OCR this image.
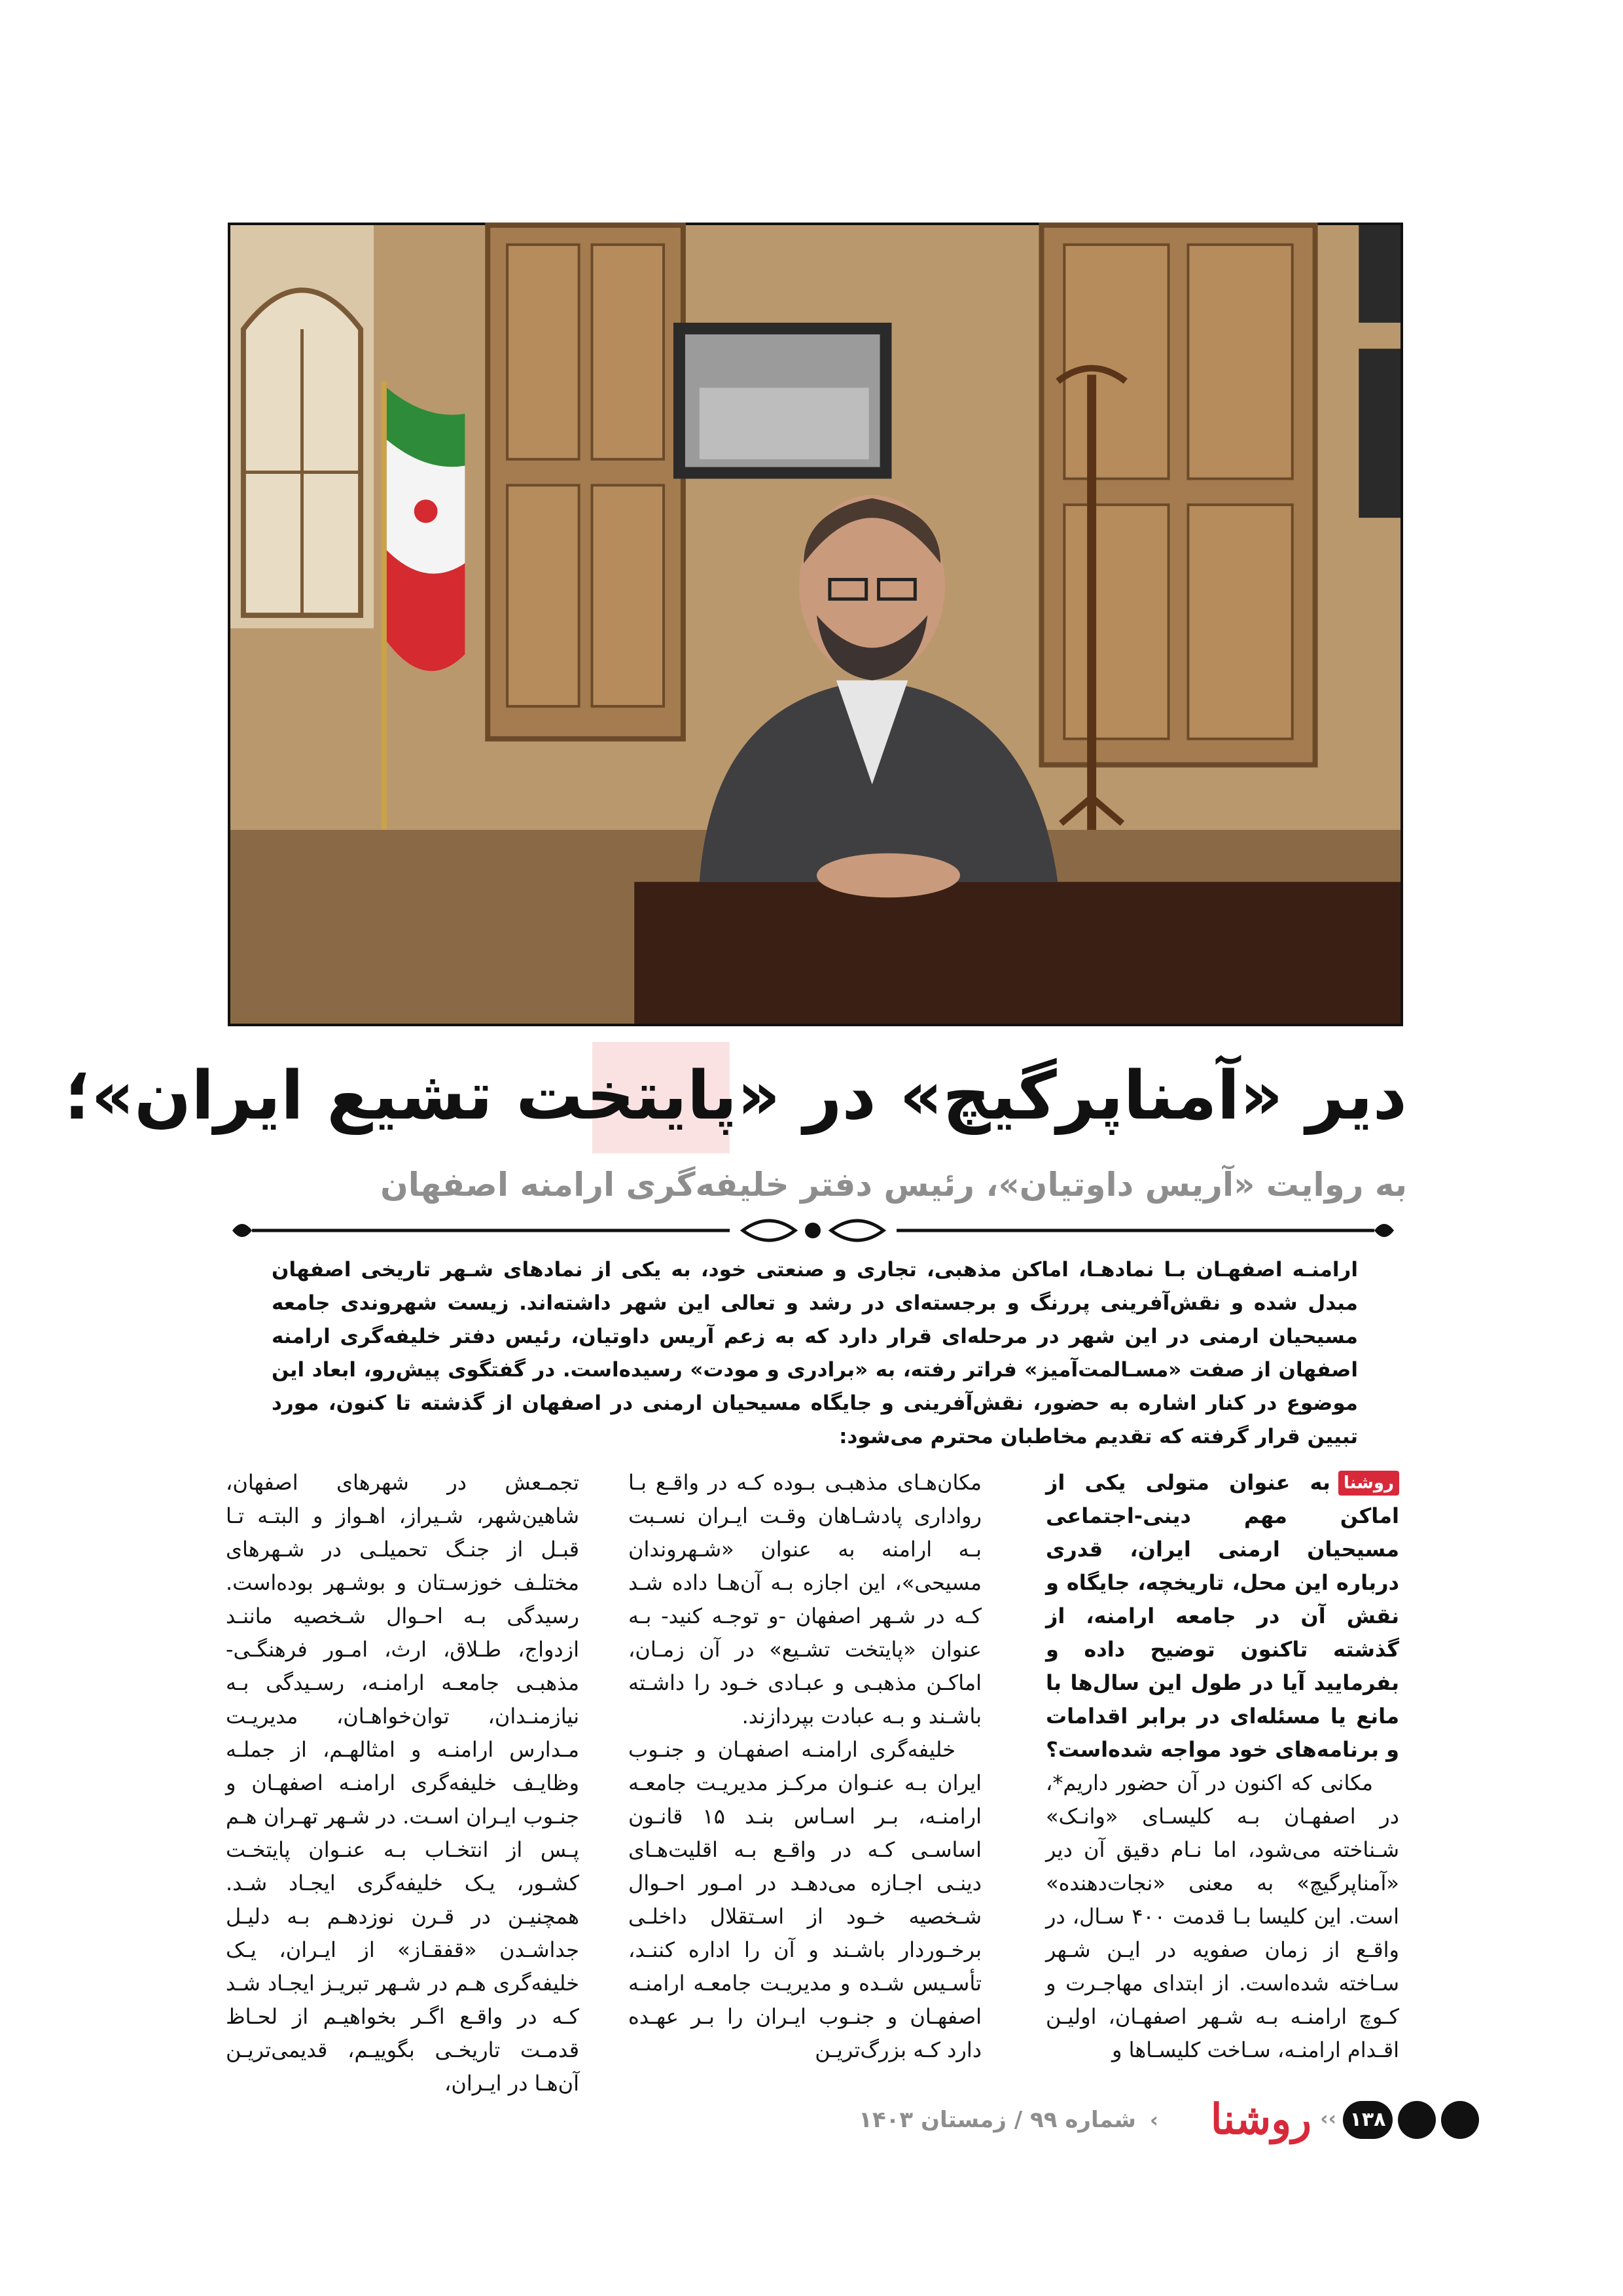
دیر «آمناپرگیچ» در «پایتخت تشیع ایران»؛
به روایت «آریس داوتیان»، رئیس دفتر خلیفه‌گری ارامنه اصفهان
ارامنـه اصفهـان بـا نمادهـا، اماکن مذهبی، تجاری و صنعتی خود، به یکی از نمادهای شـهر تاریخی اصفهان مبدل شده و نقش‌آفرینی پررنگ و برجسته‌ای در رشد و تعالی این شهر داشته‌اند. زیست شهروندی جامعه مسیحیان ارمنی در این شهر در مرحله‌ای قرار دارد که به زعم آریس داوتیان، رئیس دفتر خلیفه‌گری ارامنه اصفهان از صفت «مسـالمت‌آمیز» فراتر رفته، به «برادری و مودت» رسیده‌است. در گفتگوی پیش‌رو، ابعاد این موضوع در کنار اشاره به حضور، نقش‌آفرینی و جایگاه مسیحیان ارمنی در اصفهان از گذشته تا کنون، مورد تبیین قرار گرفته که تقدیم مخاطبان محترم می‌شود:

روشنابه عنوان متولی یکی از اماکن مهم دینی-اجتماعی مسیحیان ارمنی ایران، قدری درباره این محل، تاریخچه، جایگاه و نقش آن در جامعه ارامنه، از گذشته تاکنون توضیح داده و بفرمایید آیا در طول این سال‌ها با مانع یا مسئله‌ای در برابر اقدامات و برنامه‌های خود مواجه شده‌است؟

مکانی که اکنون در آن حضور داریم*، در اصفهـان بـه کلیسـای «وانـک» شـناخته می‌شود، اما نـام دقیق آن دیر «آمناپرگیچ» به معنی «نجات‌دهنده» است. این کلیسا بـا قدمت ۴۰۰ سـال، در واقـع از زمان صفویه در ایـن شـهر سـاخته شده‌است. از ابتدای مهاجـرت و کـوچ ارامنـه بـه شـهر اصفهـان، اولیـن اقـدام ارامنـه، سـاخت کلیسـاها و

مکان‌هـای مذهبـی بـوده کـه در واقـع بـا رواداری پادشـاهان وقـت ایـران نسـبت بـه ارامنه به عنوان «شـهروندان مسیحی»، این اجازه بـه آن‌هـا داده شـد کـه در شـهر اصفهان -و توجـه کنید- بـه عنوان «پایتخت تشـیع» در آن زمـان، اماکـن مذهبـی و عبـادی خـود را داشـته باشـند و بـه عبادت بپردازند.

خلیفه‌گری ارامنـه اصفهـان و جنـوب ایران بـه عنـوان مرکـز مدیریـت جامعـه ارامنـه، بـر اسـاس بنـد ۱۵ قانـون اساسـی کـه در واقـع بـه اقلیت‌هـای دینـی اجـازه می‌دهـد در امـور احـوال شـخصیه خـود از اسـتقلال داخلـی برخـوردار باشـند و آن را اداره کننـد، تأسـیس شـده و مدیریـت جامعـه ارامنـه اصفهـان و جنـوب ایـران را بـر عهـده دارد کـه بزرگ‌تریـن

تجمـعش در شهرهای اصفهان، شاهین‌شهر، شـیراز، اهـواز و البتـه تـا قبـل از جنـگ تحمیلـی در شـهرهای مختلـف خوزسـتان و بوشـهر بوده‌است. رسیدگی بـه احـوال شـخصیه ماننـد ازدواج، طـلاق، ارث، امـور فرهنگـی-مذهبـی جامعـه ارامنـه، رسـیدگی بـه نیازمنـدان، توان‌خواهـان، مدیریـت مـدارس ارامنـه و امثالهـم، از جملـه وظایـف خلیفه‌گری ارامنـه اصفهـان و جنـوب ایـران اسـت. در شـهر تهـران هـم پـس از انتخـاب بـه عنـوان پایتخـت کشـور، یـک خلیفه‌گری ایجـاد شـد. همچنیـن در قـرن نوزدهـم بـه دلیـل جداشـدن «قفقـاز» از ایـران، یـک خلیفه‌گری هـم در شـهر تبریـز ایجـاد شـد کـه در واقـع اگـر بخواهیـم از لحـاظ قدمـت تاریخـی بگوییـم، قدیمی‌تریـن آن‌هـا در ایـران،

۱۳۸
››
روشنا
›
شماره ۹۹ / زمستان ۱۴۰۳
